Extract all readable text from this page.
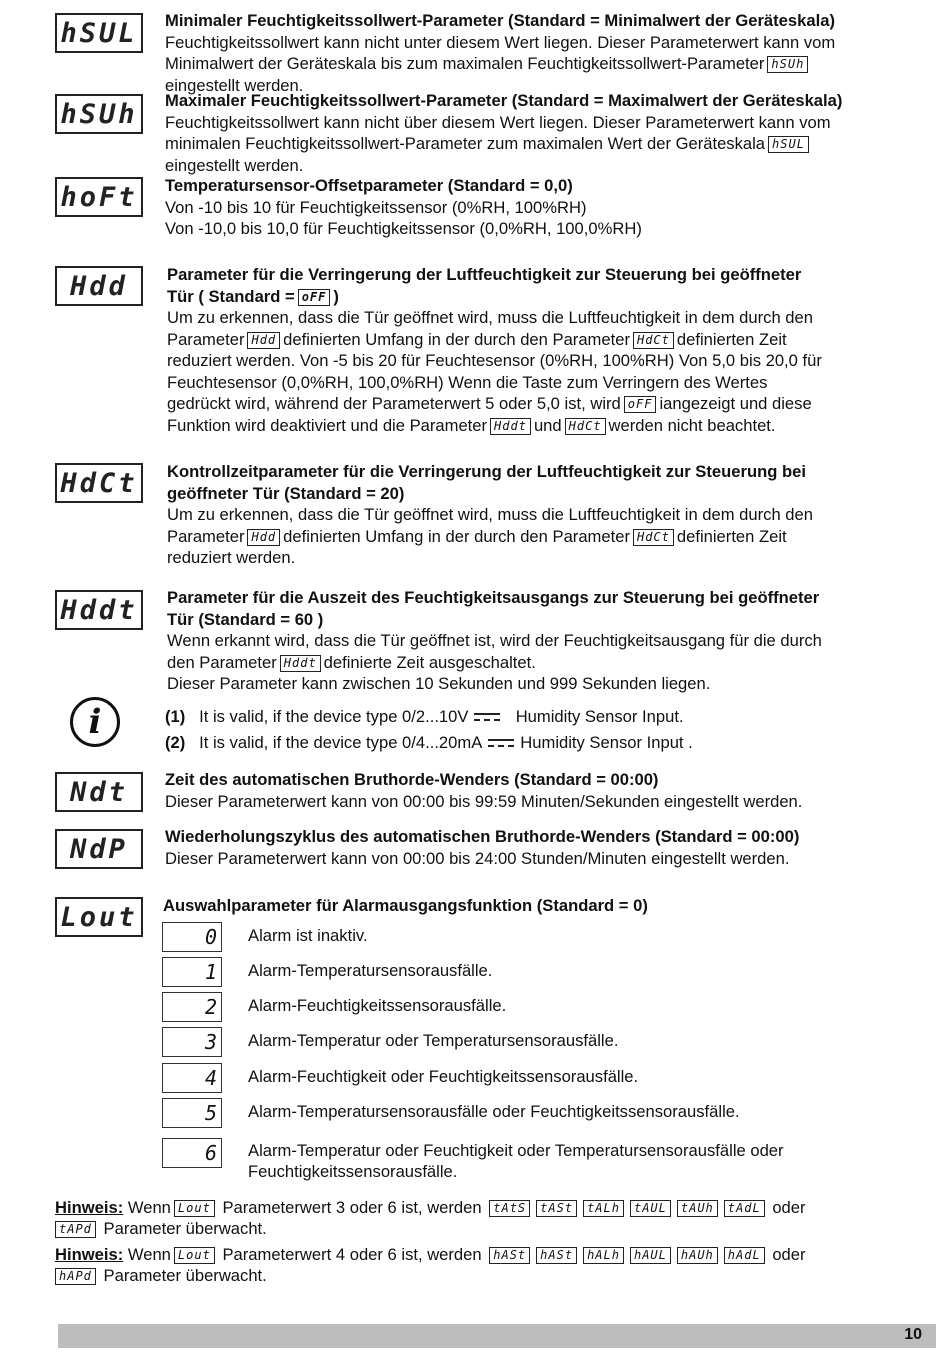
hSUL	Minimaler Feuchtigkeitssollwert-Parameter (Standard = Minimalwert der Geräteskala)
Feuchtigkeitssollwert kann nicht unter diesem Wert liegen. Dieser Parameterwert kann vom
Minimalwert der Geräteskala bis zum maximalen Feuchtigkeitssollwert-Parameter hSUh
eingestellt werden.
hSUh	Maximaler Feuchtigkeitssollwert-Parameter (Standard = Maximalwert der Geräteskala)
Feuchtigkeitssollwert kann nicht über diesem Wert liegen. Dieser Parameterwert kann vom
minimalen Feuchtigkeitssollwert-Parameter zum maximalen Wert der Geräteskala hSUL
eingestellt werden.
hoFt	Temperatursensor-Offsetparameter (Standard = 0,0)
Von -10 bis 10 für Feuchtigkeitssensor (0%RH, 100%RH)
Von -10,0 bis 10,0 für Feuchtigkeitssensor (0,0%RH, 100,0%RH)
Hdd	Parameter für die Verringerung der Luftfeuchtigkeit zur Steuerung bei geöffneter
Tür ( Standard = oFF )
Um zu erkennen, dass die Tür geöffnet wird, muss die Luftfeuchtigkeit in dem durch den
Parameter Hdd definierten Umfang in der durch den Parameter HdCt definierten Zeit
reduziert werden. Von -5 bis 20 für Feuchtesensor (0%RH, 100%RH) Von 5,0 bis 20,0 für
Feuchtesensor (0,0%RH, 100,0%RH) Wenn die Taste zum Verringern des Wertes
gedrückt wird, während der Parameterwert 5 oder 5,0 ist, wird oFF iangezeigt und diese
Funktion wird deaktiviert und die Parameter Hddt und HdCt werden nicht beachtet.
HdCt	Kontrollzeitparameter für die Verringerung der Luftfeuchtigkeit zur Steuerung bei
geöffneter Tür (Standard = 20)
Um zu erkennen, dass die Tür geöffnet wird, muss die Luftfeuchtigkeit in dem durch den
Parameter Hdd definierten Umfang in der durch den Parameter HdCt definierten Zeit
reduziert werden.
Hddt	Parameter für die Auszeit des Feuchtigkeitsausgangs zur Steuerung bei geöffneter
Tür (Standard = 60 )
Wenn erkannt wird, dass die Tür geöffnet ist, wird der Feuchtigkeitsausgang für die durch
den Parameter Hddt definierte Zeit ausgeschaltet.
Dieser Parameter kann zwischen 10 Sekunden und 999 Sekunden liegen.
i	(1) It is valid, if the device type 0/2...10V	Humidity Sensor Input.
(2) It is valid, if the device type 0/4...20mA Humidity Sensor Input .
Ndt	Zeit des automatischen Bruthorde-Wenders (Standard = 00:00)
Dieser Parameterwert kann von 00:00 bis 99:59 Minuten/Sekunden eingestellt werden.
NdP	Wiederholungszyklus des automatischen Bruthorde-Wenders (Standard = 00:00)
Dieser Parameterwert kann von 00:00 bis 24:00 Stunden/Minuten eingestellt werden.
Lout	Auswahlparameter für Alarmausgangsfunktion (Standard = 0)
0	Alarm ist inaktiv.
1	Alarm-Temperatursensorausfälle.
2	Alarm-Feuchtigkeitssensorausfälle.
3	Alarm-Temperatur oder Temperatursensorausfälle.
4	Alarm-Feuchtigkeit oder Feuchtigkeitssensorausfälle.
5	Alarm-Temperatursensorausfälle oder Feuchtigkeitssensorausfälle.
6	Alarm-Temperatur oder Feuchtigkeit oder Temperatursensorausfälle oder
Feuchtigkeitssensorausfälle.
Hinweis: Wenn Lout Parameterwert 3 oder 6 ist, werden tAtS tASt tALh tAUL tAUh tAdL oder
tAPd Parameter überwacht.
Hinweis: Wenn Lout Parameterwert 4 oder 6 ist, werden hASt hASt hALh hAUL hAUh hAdL oder
hAPd Parameter überwacht.
10
